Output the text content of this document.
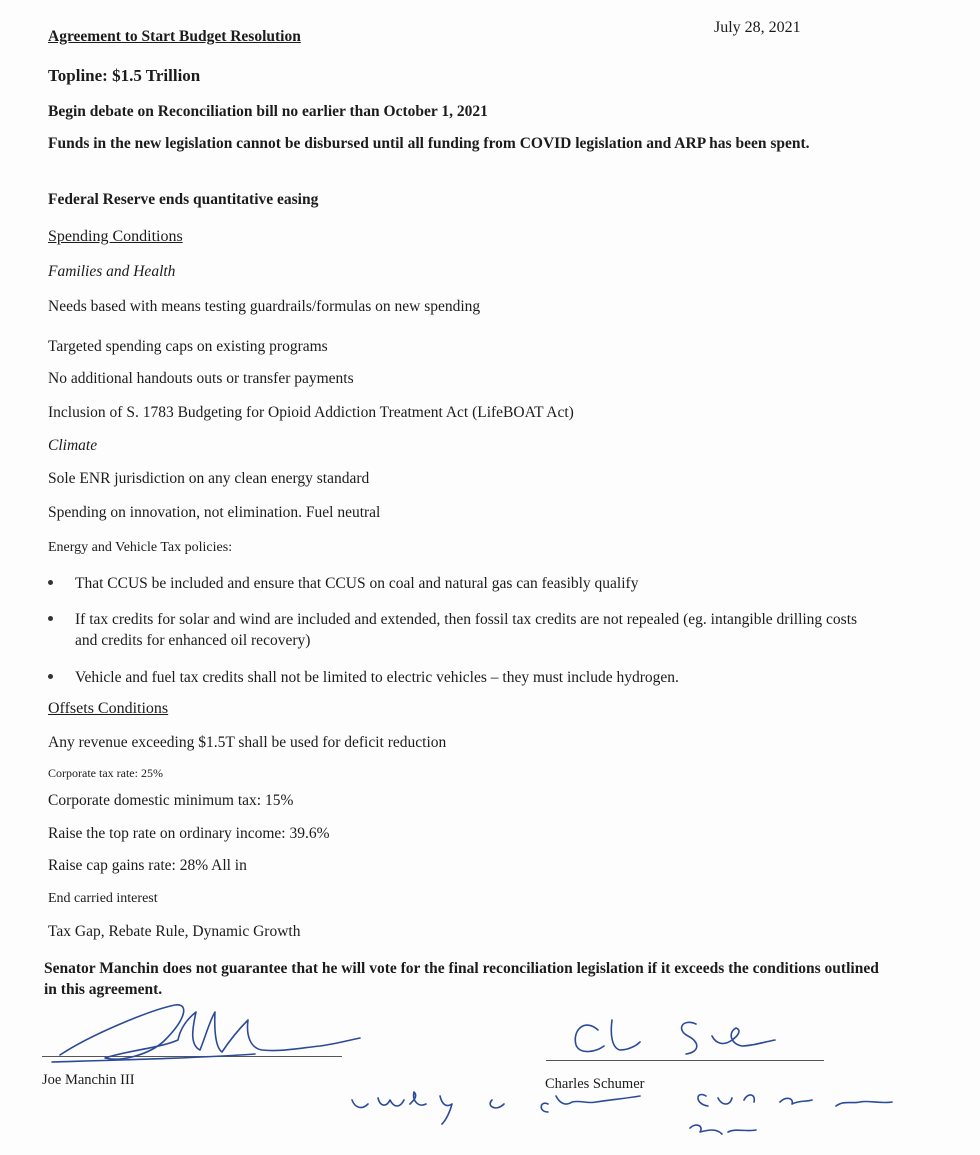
July 28, 2021
Agreement to Start Budget Resolution
Topline: $1.5 Trillion
Begin debate on Reconciliation bill no earlier than October 1, 2021
Funds in the new legislation cannot be disbursed until all funding from COVID legislation and ARP has been spent.
Federal Reserve ends quantitative easing
Spending Conditions
Families and Health
Needs based with means testing guardrails/formulas on new spending
Targeted spending caps on existing programs
No additional handouts outs or transfer payments
Inclusion of S. 1783 Budgeting for Opioid Addiction Treatment Act (LifeBOAT Act)
Climate
Sole ENR jurisdiction on any clean energy standard
Spending on innovation, not elimination. Fuel neutral
Energy and Vehicle Tax policies:
That CCUS be included and ensure that CCUS on coal and natural gas can feasibly qualify
If tax credits for solar and wind are included and extended, then fossil tax credits are not repealed (eg. intangible drilling costs and credits for enhanced oil recovery)
Vehicle and fuel tax credits shall not be limited to electric vehicles – they must include hydrogen.
Offsets Conditions
Any revenue exceeding $1.5T shall be used for deficit reduction
Corporate tax rate: 25%
Corporate domestic minimum tax: 15%
Raise the top rate on ordinary income: 39.6%
Raise cap gains rate: 28% All in
End carried interest
Tax Gap, Rebate Rule, Dynamic Growth
Senator Manchin does not guarantee that he will vote for the final reconciliation legislation if it exceeds the conditions outlined in this agreement.
Joe Manchin III	Charles Schumer
